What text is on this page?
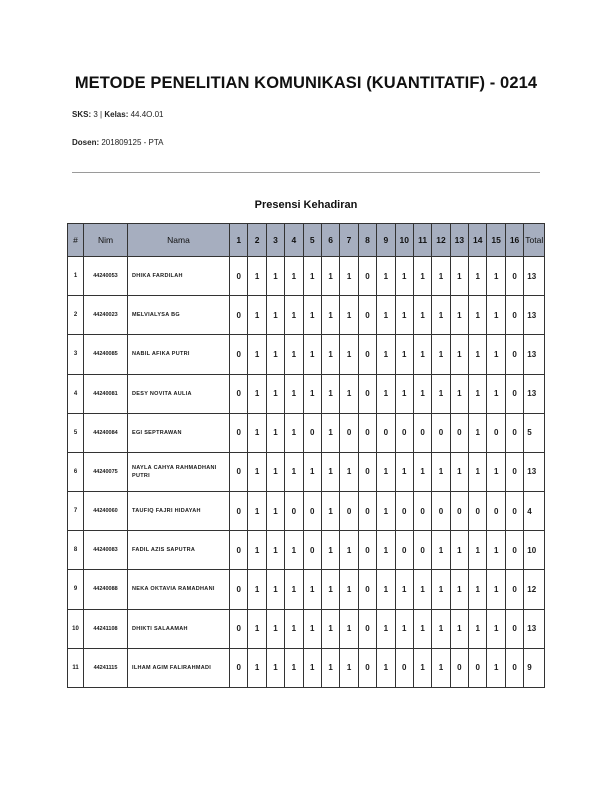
METODE PENELITIAN KOMUNIKASI (KUANTITATIF) - 0214
SKS: 3 | Kelas: 44.4O.01
Dosen: 201809125 - PTA
Presensi Kehadiran
#	Nim	Nama	1	2	3	4	5	6	7	8	9	10	11	12	13	14	15	16	Total
1	44240053	DHIKA FARDILAH	0	1	1	1	1	1	1	0	1	1	1	1	1	1	1	0	13
2	44240023	MELVIALYSA BG	0	1	1	1	1	1	1	0	1	1	1	1	1	1	1	0	13
3	44240085	NABIL AFIKA PUTRI	0	1	1	1	1	1	1	0	1	1	1	1	1	1	1	0	13
4	44240081	DESY NOVITA AULIA	0	1	1	1	1	1	1	0	1	1	1	1	1	1	1	0	13
5	44240084	EGI SEPTRAWAN	0	1	1	1	0	1	0	0	0	0	0	0	0	1	0	0	5
6	44240075	NAYLA CAHYA RAHMADHANI PUTRI	0	1	1	1	1	1	1	0	1	1	1	1	1	1	1	0	13
7	44240060	TAUFIQ FAJRI HIDAYAH	0	1	1	0	0	1	0	0	1	0	0	0	0	0	0	0	4
8	44240083	FADIL AZIS SAPUTRA	0	1	1	1	0	1	1	0	1	0	0	1	1	1	1	0	10
9	44240088	NEKA OKTAVIA RAMADHANI	0	1	1	1	1	1	1	0	1	1	1	1	1	1	1	0	12
10	44241108	DHIKTI SALAAMAH	0	1	1	1	1	1	1	0	1	1	1	1	1	1	1	0	13
11	44241115	ILHAM AGIM FALIRAHMADI	0	1	1	1	1	1	1	0	1	0	1	1	0	0	1	0	9
